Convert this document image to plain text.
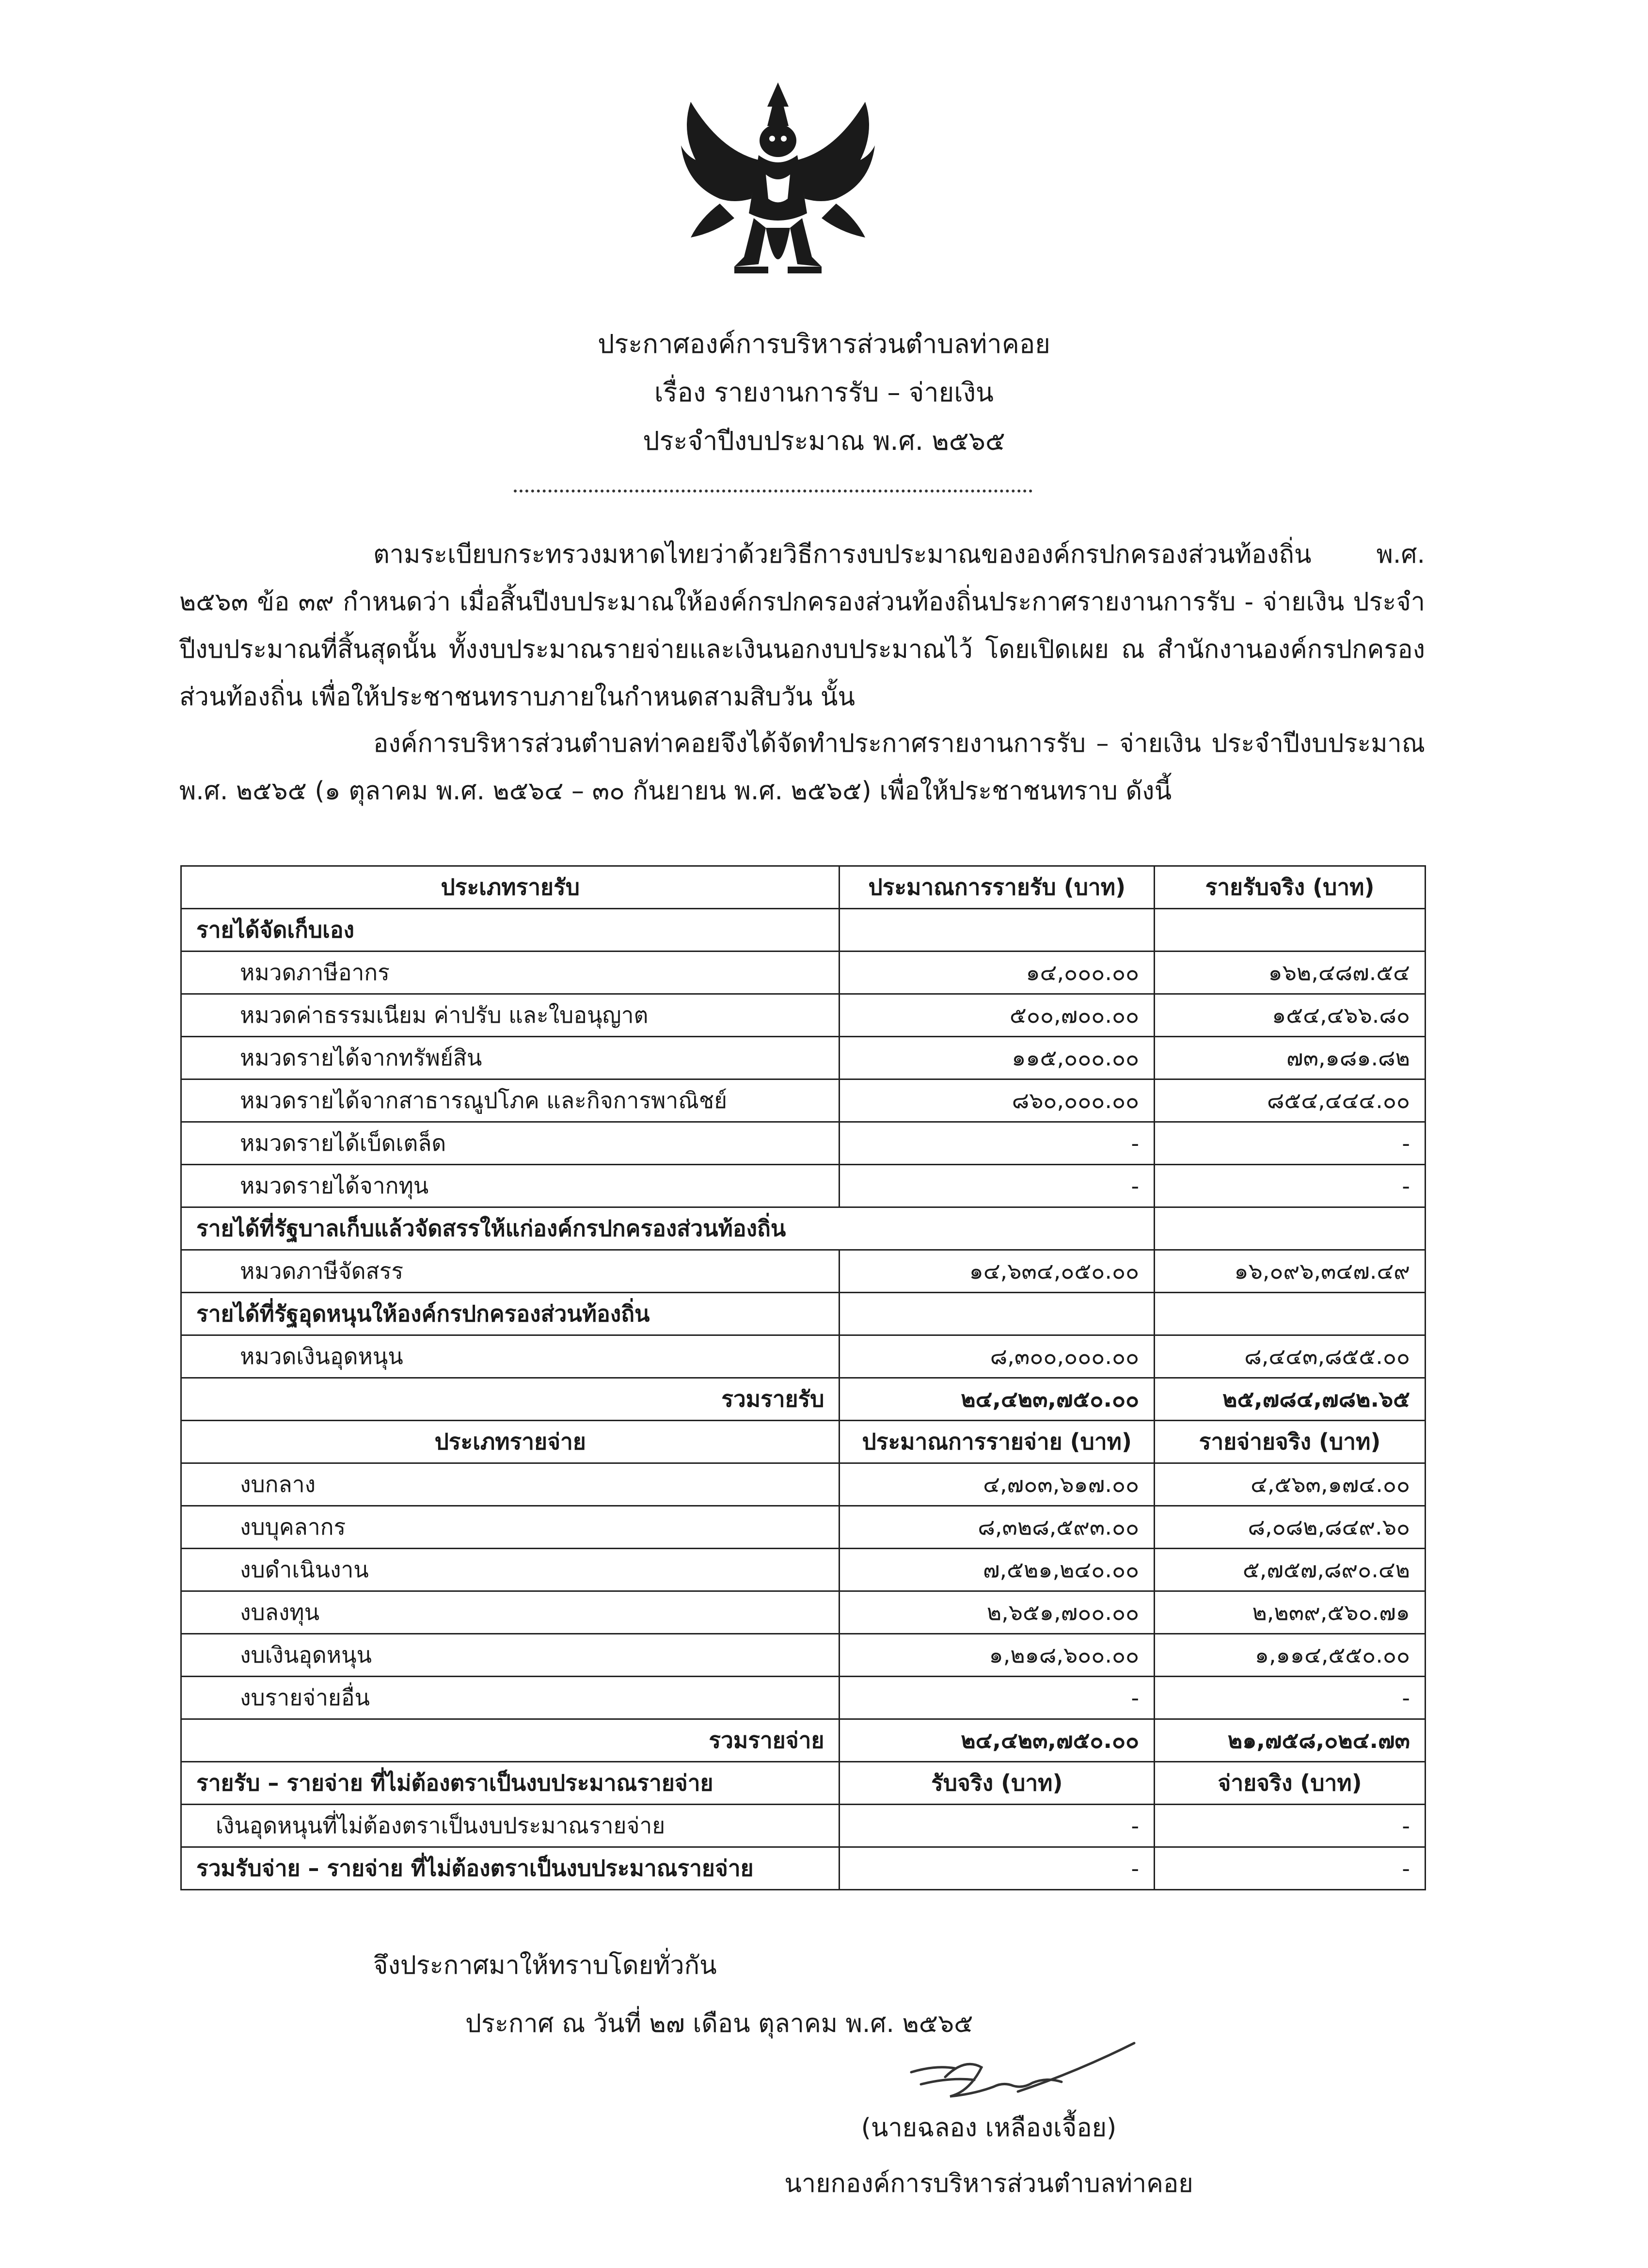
ประกาศองค์การบริหารส่วนตำบลท่าคอย
เรื่อง รายงานการรับ – จ่ายเงิน
ประจำปีงบประมาณ พ.ศ. ๒๕๖๕
ตามระเบียบกระทรวงมหาดไทยว่าด้วยวิธีการงบประมาณขององค์กรปกครองส่วนท้องถิ่น พ.ศ. ๒๕๖๓ ข้อ ๓๙ กำหนดว่า เมื่อสิ้นปีงบประมาณให้องค์กรปกครองส่วนท้องถิ่นประกาศรายงานการรับ - จ่ายเงิน ประจำปีงบประมาณที่สิ้นสุดนั้น ทั้งงบประมาณรายจ่ายและเงินนอกงบประมาณไว้ โดยเปิดเผย ณ สำนักงานองค์กรปกครองส่วนท้องถิ่น เพื่อให้ประชาชนทราบภายในกำหนดสามสิบวัน นั้น
องค์การบริหารส่วนตำบลท่าคอยจึงได้จัดทำประกาศรายงานการรับ – จ่ายเงิน ประจำปีงบประมาณ พ.ศ. ๒๕๖๕ (๑ ตุลาคม พ.ศ. ๒๕๖๔ – ๓๐ กันยายน พ.ศ. ๒๕๖๕) เพื่อให้ประชาชนทราบ ดังนี้
ประเภทรายรับ	ประมาณการรายรับ (บาท)	รายรับจริง (บาท)
รายได้จัดเก็บเอง		
หมวดภาษีอากร	๑๔,๐๐๐.๐๐	๑๖๒,๔๘๗.๕๔
หมวดค่าธรรมเนียม ค่าปรับ และใบอนุญาต	๕๐๐,๗๐๐.๐๐	๑๕๔,๔๖๖.๘๐
หมวดรายได้จากทรัพย์สิน	๑๑๕,๐๐๐.๐๐	๗๓,๑๘๑.๘๒
หมวดรายได้จากสาธารณูปโภค และกิจการพาณิชย์	๘๖๐,๐๐๐.๐๐	๘๕๔,๔๔๔.๐๐
หมวดรายได้เบ็ดเตล็ด	-	-
หมวดรายได้จากทุน	-	-
รายได้ที่รัฐบาลเก็บแล้วจัดสรรให้แก่องค์กรปกครองส่วนท้องถิ่น		
หมวดภาษีจัดสรร	๑๔,๖๓๔,๐๕๐.๐๐	๑๖,๐๙๖,๓๔๗.๔๙
รายได้ที่รัฐอุดหนุนให้องค์กรปกครองส่วนท้องถิ่น		
หมวดเงินอุดหนุน	๘,๓๐๐,๐๐๐.๐๐	๘,๔๔๓,๘๕๕.๐๐
รวมรายรับ	๒๔,๔๒๓,๗๕๐.๐๐	๒๕,๗๘๔,๗๘๒.๖๕
ประเภทรายจ่าย	ประมาณการรายจ่าย (บาท)	รายจ่ายจริง (บาท)
งบกลาง	๔,๗๐๓,๖๑๗.๐๐	๔,๕๖๓,๑๗๔.๐๐
งบบุคลากร	๘,๓๒๘,๕๙๓.๐๐	๘,๐๘๒,๘๔๙.๖๐
งบดำเนินงาน	๗,๕๒๑,๒๔๐.๐๐	๕,๗๕๗,๘๙๐.๔๒
งบลงทุน	๒,๖๕๑,๗๐๐.๐๐	๒,๒๓๙,๕๖๐.๗๑
งบเงินอุดหนุน	๑,๒๑๘,๖๐๐.๐๐	๑,๑๑๔,๕๕๐.๐๐
งบรายจ่ายอื่น	-	-
รวมรายจ่าย	๒๔,๔๒๓,๗๕๐.๐๐	๒๑,๗๕๘,๐๒๔.๗๓
รายรับ – รายจ่าย ที่ไม่ต้องตราเป็นงบประมาณรายจ่าย	รับจริง (บาท)	จ่ายจริง (บาท)
เงินอุดหนุนที่ไม่ต้องตราเป็นงบประมาณรายจ่าย	-	-
รวมรับจ่าย – รายจ่าย ที่ไม่ต้องตราเป็นงบประมาณรายจ่าย	-	-
จึงประกาศมาให้ทราบโดยทั่วกัน
ประกาศ ณ วันที่ ๒๗ เดือน ตุลาคม พ.ศ. ๒๕๖๕
(นายฉลอง เหลืองเจื้อย)
นายกองค์การบริหารส่วนตำบลท่าคอย
